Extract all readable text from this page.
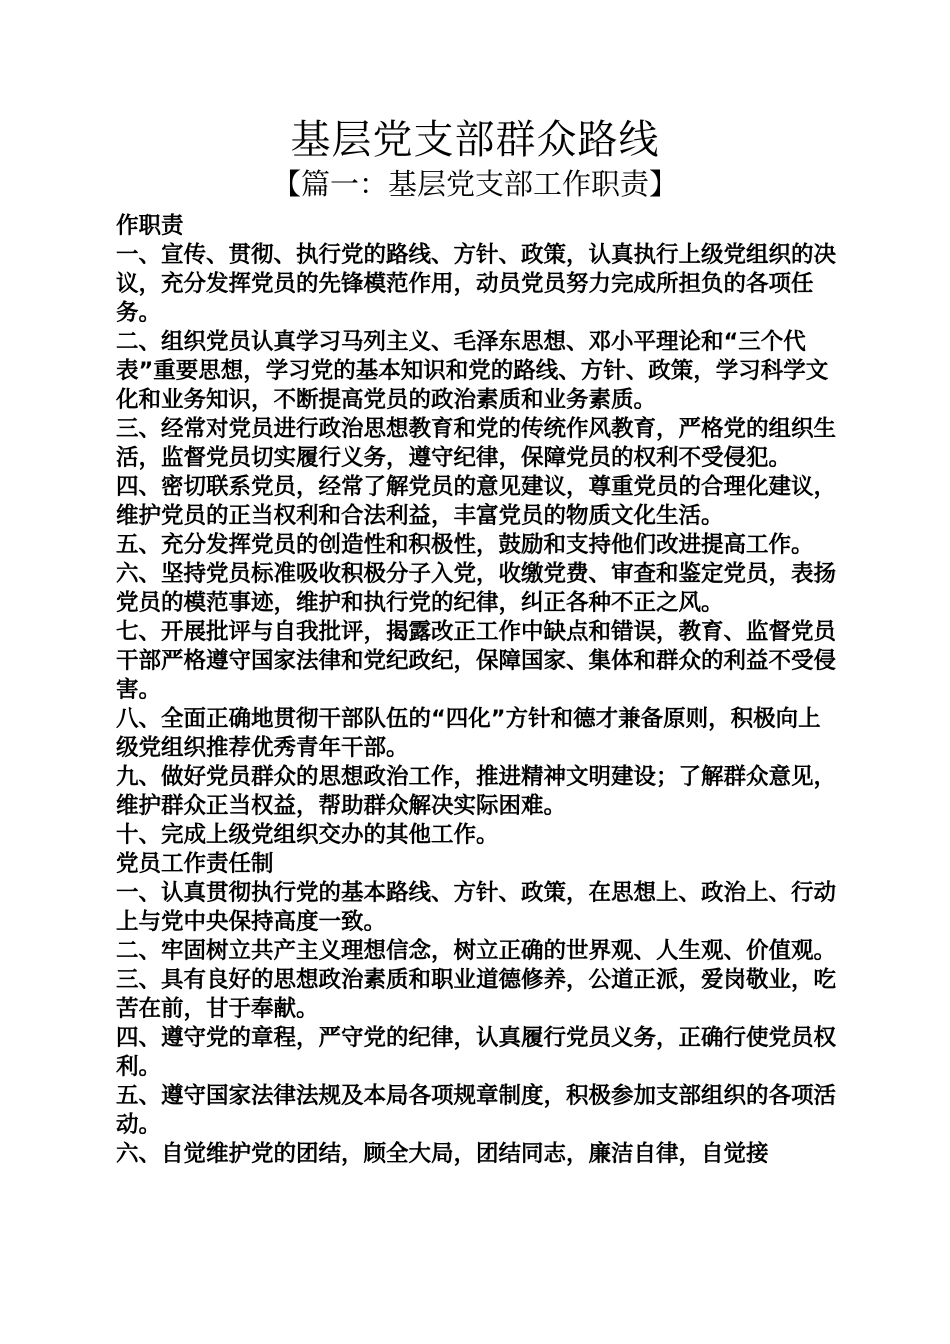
基层党支部群众路线
【篇一：基层党支部工作职责】

作职责

一、宣传、贯彻、执行党的路线、方针、政策，认真执行上级党组织的决议，充分发挥党员的先锋模范作用，动员党员努力完成所担负的各项任务。

二、组织党员认真学习马列主义、毛泽东思想、邓小平理论和“三个代表”重要思想，学习党的基本知识和党的路线、方针、政策，学习科学文化和业务知识，不断提高党员的政治素质和业务素质。

三、经常对党员进行政治思想教育和党的传统作风教育，严格党的组织生活，监督党员切实履行义务，遵守纪律，保障党员的权利不受侵犯。

四、密切联系党员，经常了解党员的意见建议，尊重党员的合理化建议，维护党员的正当权利和合法利益，丰富党员的物质文化生活。

五、充分发挥党员的创造性和积极性，鼓励和支持他们改进提高工作。

六、坚持党员标准吸收积极分子入党，收缴党费、审查和鉴定党员，表扬党员的模范事迹，维护和执行党的纪律，纠正各种不正之风。

七、开展批评与自我批评，揭露改正工作中缺点和错误，教育、监督党员干部严格遵守国家法律和党纪政纪，保障国家、集体和群众的利益不受侵害。

八、全面正确地贯彻干部队伍的“四化”方针和德才兼备原则，积极向上级党组织推荐优秀青年干部。

九、做好党员群众的思想政治工作，推进精神文明建设；了解群众意见，维护群众正当权益，帮助群众解决实际困难。

十、完成上级党组织交办的其他工作。

党员工作责任制

一、认真贯彻执行党的基本路线、方针、政策，在思想上、政治上、行动上与党中央保持高度一致。

二、牢固树立共产主义理想信念，树立正确的世界观、人生观、价值观。

三、具有良好的思想政治素质和职业道德修养，公道正派，爱岗敬业，吃苦在前，甘于奉献。

四、遵守党的章程，严守党的纪律，认真履行党员义务，正确行使党员权利。

五、遵守国家法律法规及本局各项规章制度，积极参加支部组织的各项活动。

六、自觉维护党的团结，顾全大局，团结同志，廉洁自律，自觉接
